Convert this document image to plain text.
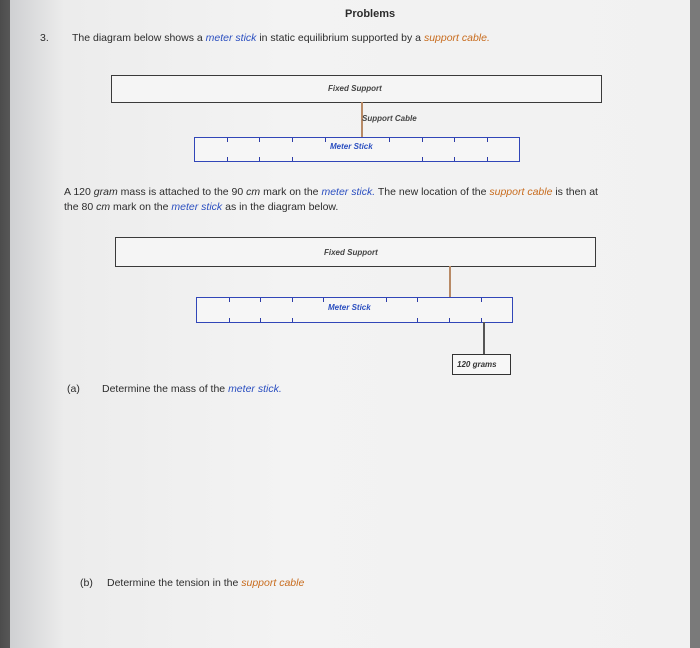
Problems
3. The diagram below shows a meter stick in static equilibrium supported by a support cable.
Fixed Support
Support Cable
Meter Stick
A 120 gram mass is attached to the 90 cm mark on the meter stick. The new location of the support cable is then at
the 80 cm mark on the meter stick as in the diagram below.
Fixed Support
Meter Stick
120 grams
(a) Determine the mass of the meter stick.
(b) Determine the tension in the support cable
